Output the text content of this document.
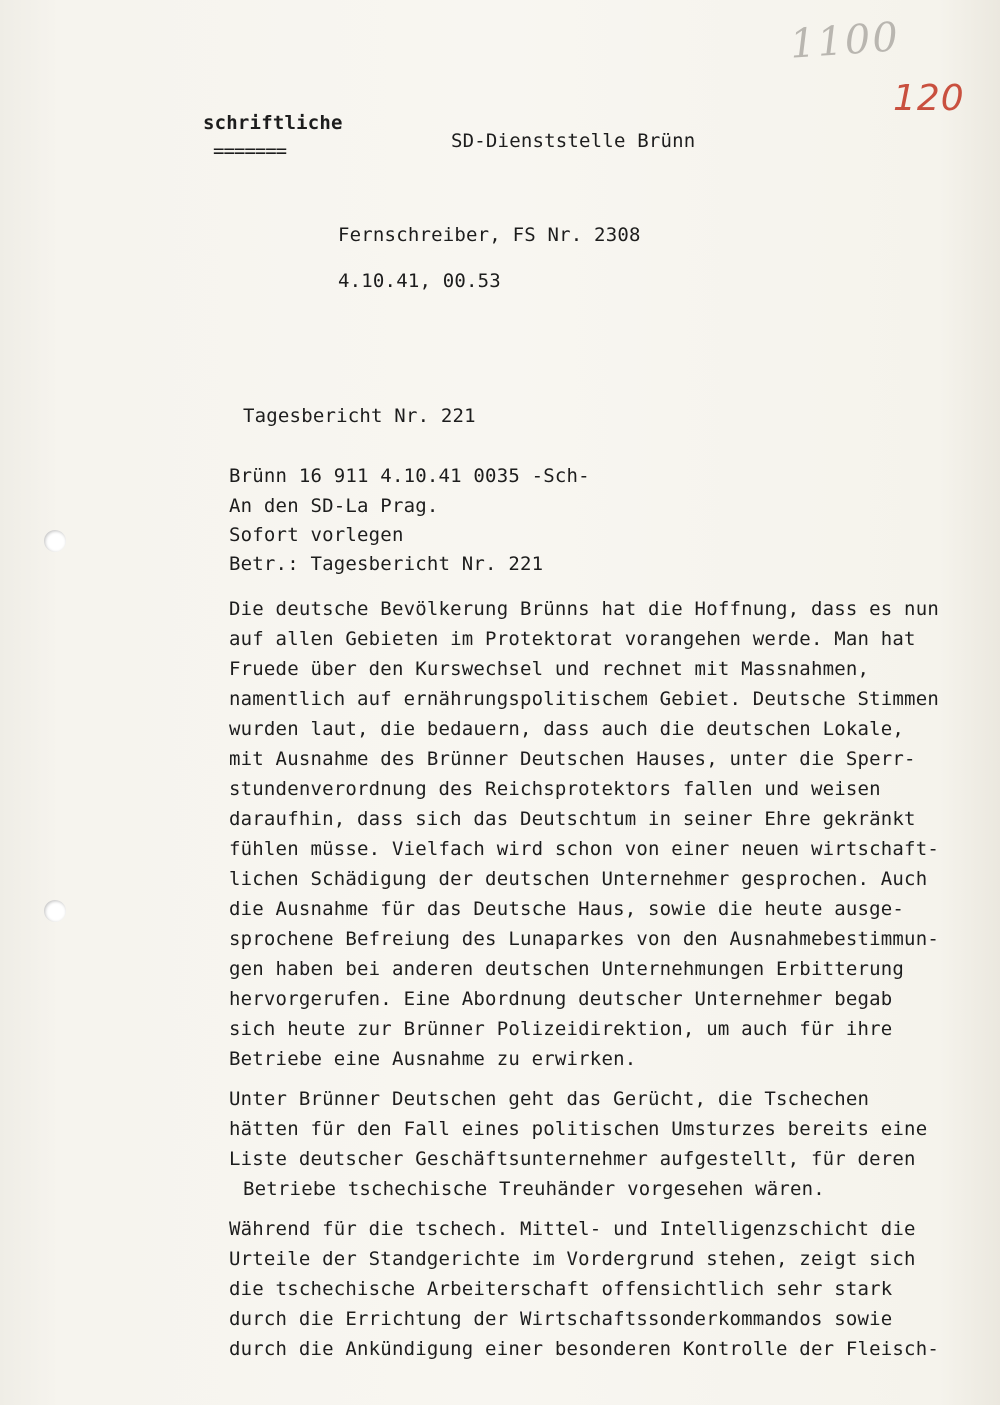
1100
120
schriftliche
=======	SD-Dienststelle Brünn
Fernschreiber, FS Nr. 2308
4.10.41, 00.53
Tagesbericht Nr. 221
Brünn 16 911 4.10.41 0035 -Sch-
An den SD-La Prag.
Sofort vorlegen
Betr.: Tagesbericht Nr. 221
Die deutsche Bevölkerung Brünns hat die Hoffnung, dass es nun
auf allen Gebieten im Protektorat vorangehen werde. Man hat
Fruede über den Kurswechsel und rechnet mit Massnahmen,
namentlich auf ernährungspolitischem Gebiet. Deutsche Stimmen
wurden laut, die bedauern, dass auch die deutschen Lokale,
mit Ausnahme des Brünner Deutschen Hauses, unter die Sperr-
stundenverordnung des Reichsprotektors fallen und weisen
daraufhin, dass sich das Deutschtum in seiner Ehre gekränkt
fühlen müsse. Vielfach wird schon von einer neuen wirtschaft-
lichen Schädigung der deutschen Unternehmer gesprochen. Auch
die Ausnahme für das Deutsche Haus, sowie die heute ausge-
sprochene Befreiung des Lunaparkes von den Ausnahmebestimmun-
gen haben bei anderen deutschen Unternehmungen Erbitterung
hervorgerufen. Eine Abordnung deutscher Unternehmer begab
sich heute zur Brünner Polizeidirektion, um auch für ihre
Betriebe eine Ausnahme zu erwirken.
Unter Brünner Deutschen geht das Gerücht, die Tschechen
hätten für den Fall eines politischen Umsturzes bereits eine
Liste deutscher Geschäftsunternehmer aufgestellt, für deren
Betriebe tschechische Treuhänder vorgesehen wären.
Während für die tschech. Mittel- und Intelligenzschicht die
Urteile der Standgerichte im Vordergrund stehen, zeigt sich
die tschechische Arbeiterschaft offensichtlich sehr stark
durch die Errichtung der Wirtschaftssonderkommandos sowie
durch die Ankündigung einer besonderen Kontrolle der Fleisch-
